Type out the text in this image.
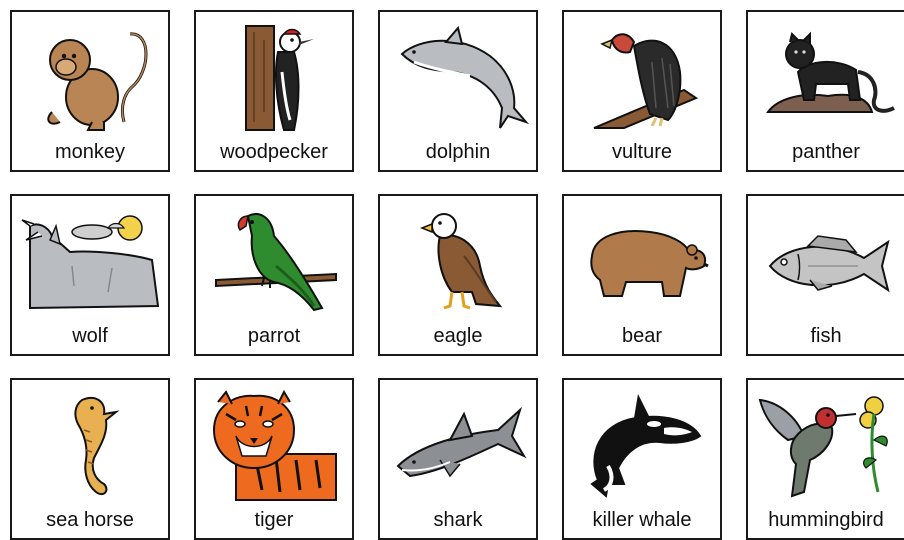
monkey	woodpecker	dolphin	vulture	panther
wolf	parrot	eagle	bear	fish
sea horse	tiger	shark	killer whale	hummingbird
